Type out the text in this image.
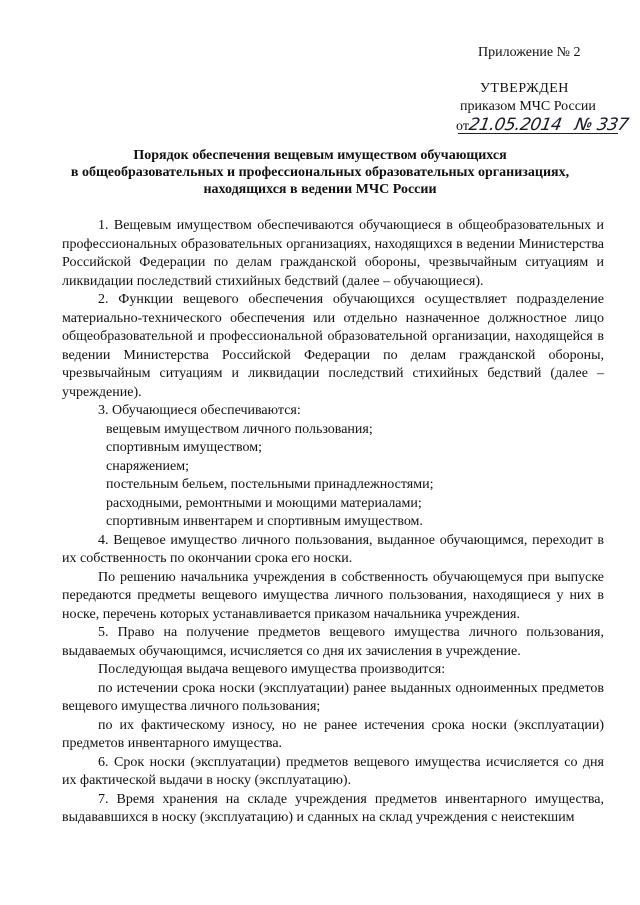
Приложение № 2
УТВЕРЖДЕН
приказом МЧС России
от21.05.2014 № 337
Порядок обеспечения вещевым имуществом обучающихся
в общеобразовательных и профессиональных образовательных организациях,
находящихся в ведении МЧС России
1. Вещевым имуществом обеспечиваются обучающиеся в общеобразовательных и профессиональных образовательных организациях, находящихся в ведении Министерства Российской Федерации по делам гражданской обороны, чрезвычайным ситуациям и ликвидации последствий стихийных бедствий (далее – обучающиеся).
2. Функции вещевого обеспечения обучающихся осуществляет подразделение материально-технического обеспечения или отдельно назначенное должностное лицо общеобразовательной и профессиональной образовательной организации, находящейся в ведении Министерства Российской Федерации по делам гражданской обороны, чрезвычайным ситуациям и ликвидации последствий стихийных бедствий (далее – учреждение).
3. Обучающиеся обеспечиваются:
вещевым имуществом личного пользования;
спортивным имуществом;
снаряжением;
постельным бельем, постельными принадлежностями;
расходными, ремонтными и моющими материалами;
спортивным инвентарем и спортивным имуществом.
4. Вещевое имущество личного пользования, выданное обучающимся, переходит в их собственность по окончании срока его носки.
По решению начальника учреждения в собственность обучающемуся при выпуске передаются предметы вещевого имущества личного пользования, находящиеся у них в носке, перечень которых устанавливается приказом начальника учреждения.
5. Право на получение предметов вещевого имущества личного пользования, выдаваемых обучающимся, исчисляется со дня их зачисления в учреждение.
Последующая выдача вещевого имущества производится:
по истечении срока носки (эксплуатации) ранее выданных одноименных предметов вещевого имущества личного пользования;
по их фактическому износу, но не ранее истечения срока носки (эксплуатации) предметов инвентарного имущества.
6. Срок носки (эксплуатации) предметов вещевого имущества исчисляется со дня их фактической выдачи в носку (эксплуатацию).
7. Время хранения на складе учреждения предметов инвентарного имущества, выдававшихся в носку (эксплуатацию) и сданных на склад учреждения с неистекшим
